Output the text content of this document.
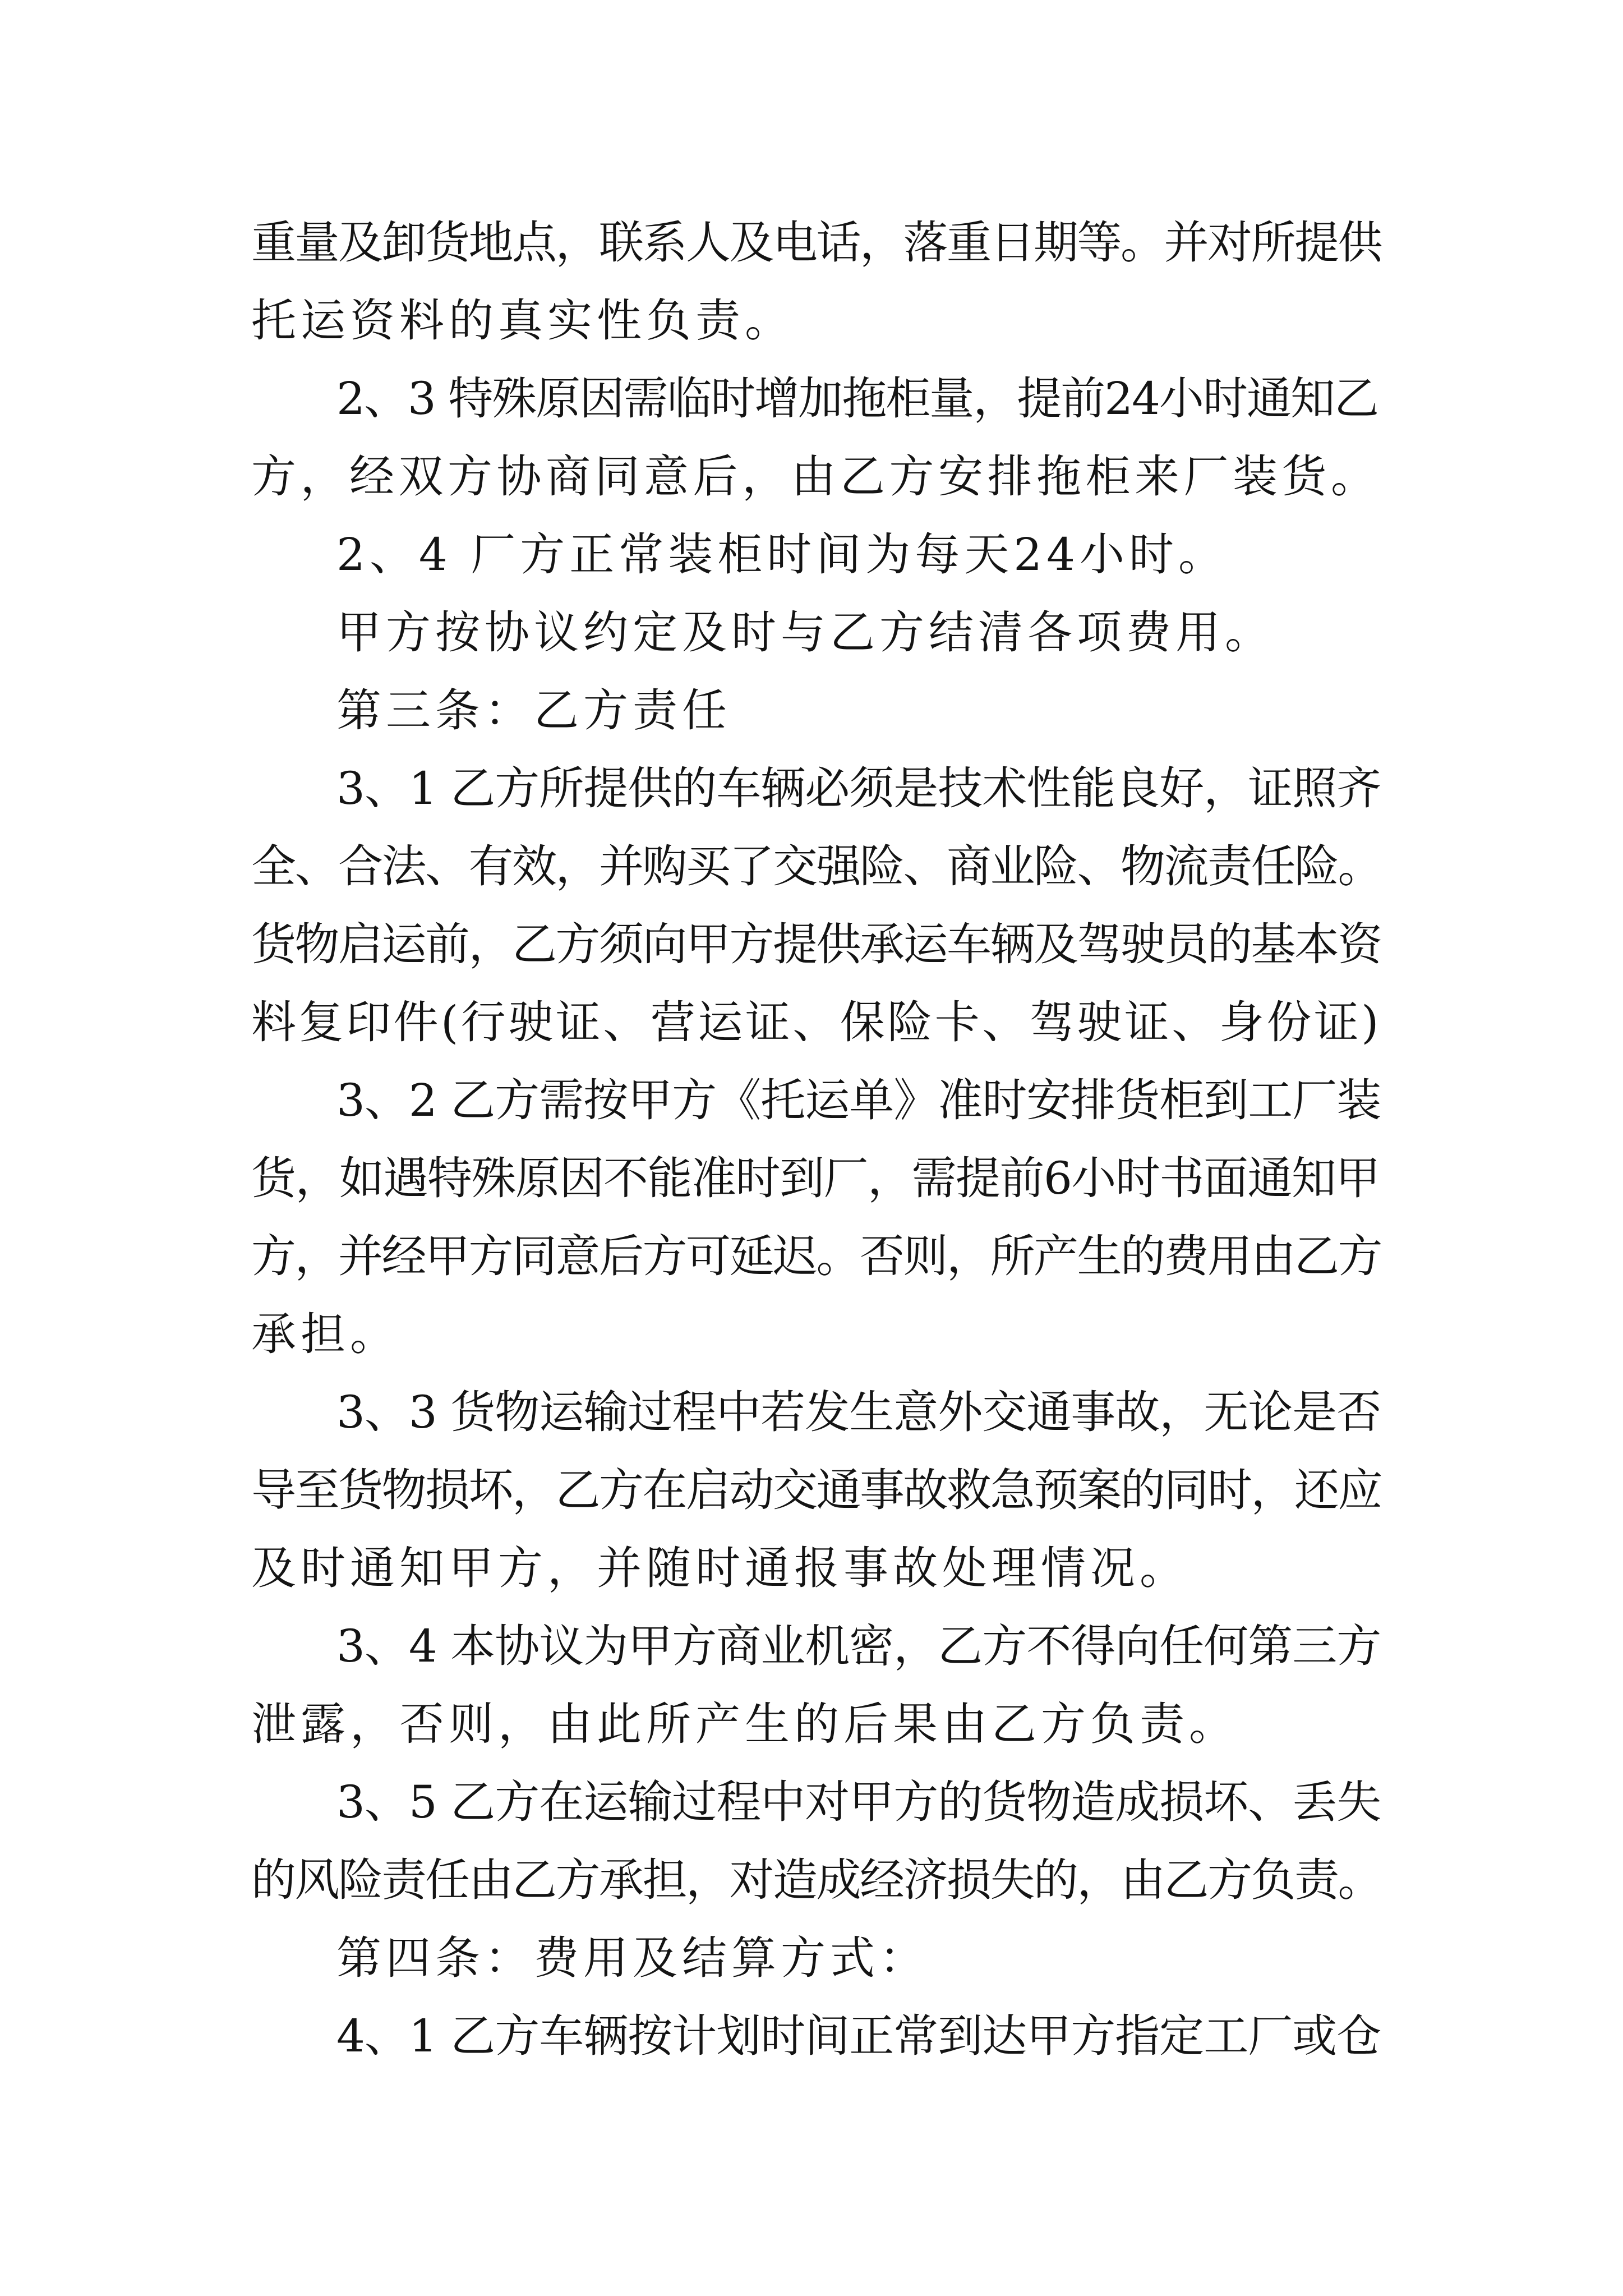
重量及卸货地点，联系人及电话，落重日期等。并对所提供
托运资料的真实性负责。
2、3 特殊原因需临时增加拖柜量，提前24小时通知乙
方，经双方协商同意后，由乙方安排拖柜来厂装货。
2、4 厂方正常装柜时间为每天24小时。
甲方按协议约定及时与乙方结清各项费用。
第三条：乙方责任
3、1 乙方所提供的车辆必须是技术性能良好，证照齐
全、合法、有效，并购买了交强险、商业险、物流责任险。
货物启运前，乙方须向甲方提供承运车辆及驾驶员的基本资
料复印件(行驶证、营运证、保险卡、驾驶证、身份证)
3、2 乙方需按甲方《托运单》准时安排货柜到工厂装
货，如遇特殊原因不能准时到厂，需提前6小时书面通知甲
方，并经甲方同意后方可延迟。否则，所产生的费用由乙方
承担。
3、3 货物运输过程中若发生意外交通事故，无论是否
导至货物损坏，乙方在启动交通事故救急预案的同时，还应
及时通知甲方，并随时通报事故处理情况。
3、4 本协议为甲方商业机密，乙方不得向任何第三方
泄露，否则，由此所产生的后果由乙方负责。
3、5 乙方在运输过程中对甲方的货物造成损坏、丢失
的风险责任由乙方承担，对造成经济损失的，由乙方负责。
第四条：费用及结算方式：
4、1 乙方车辆按计划时间正常到达甲方指定工厂或仓
